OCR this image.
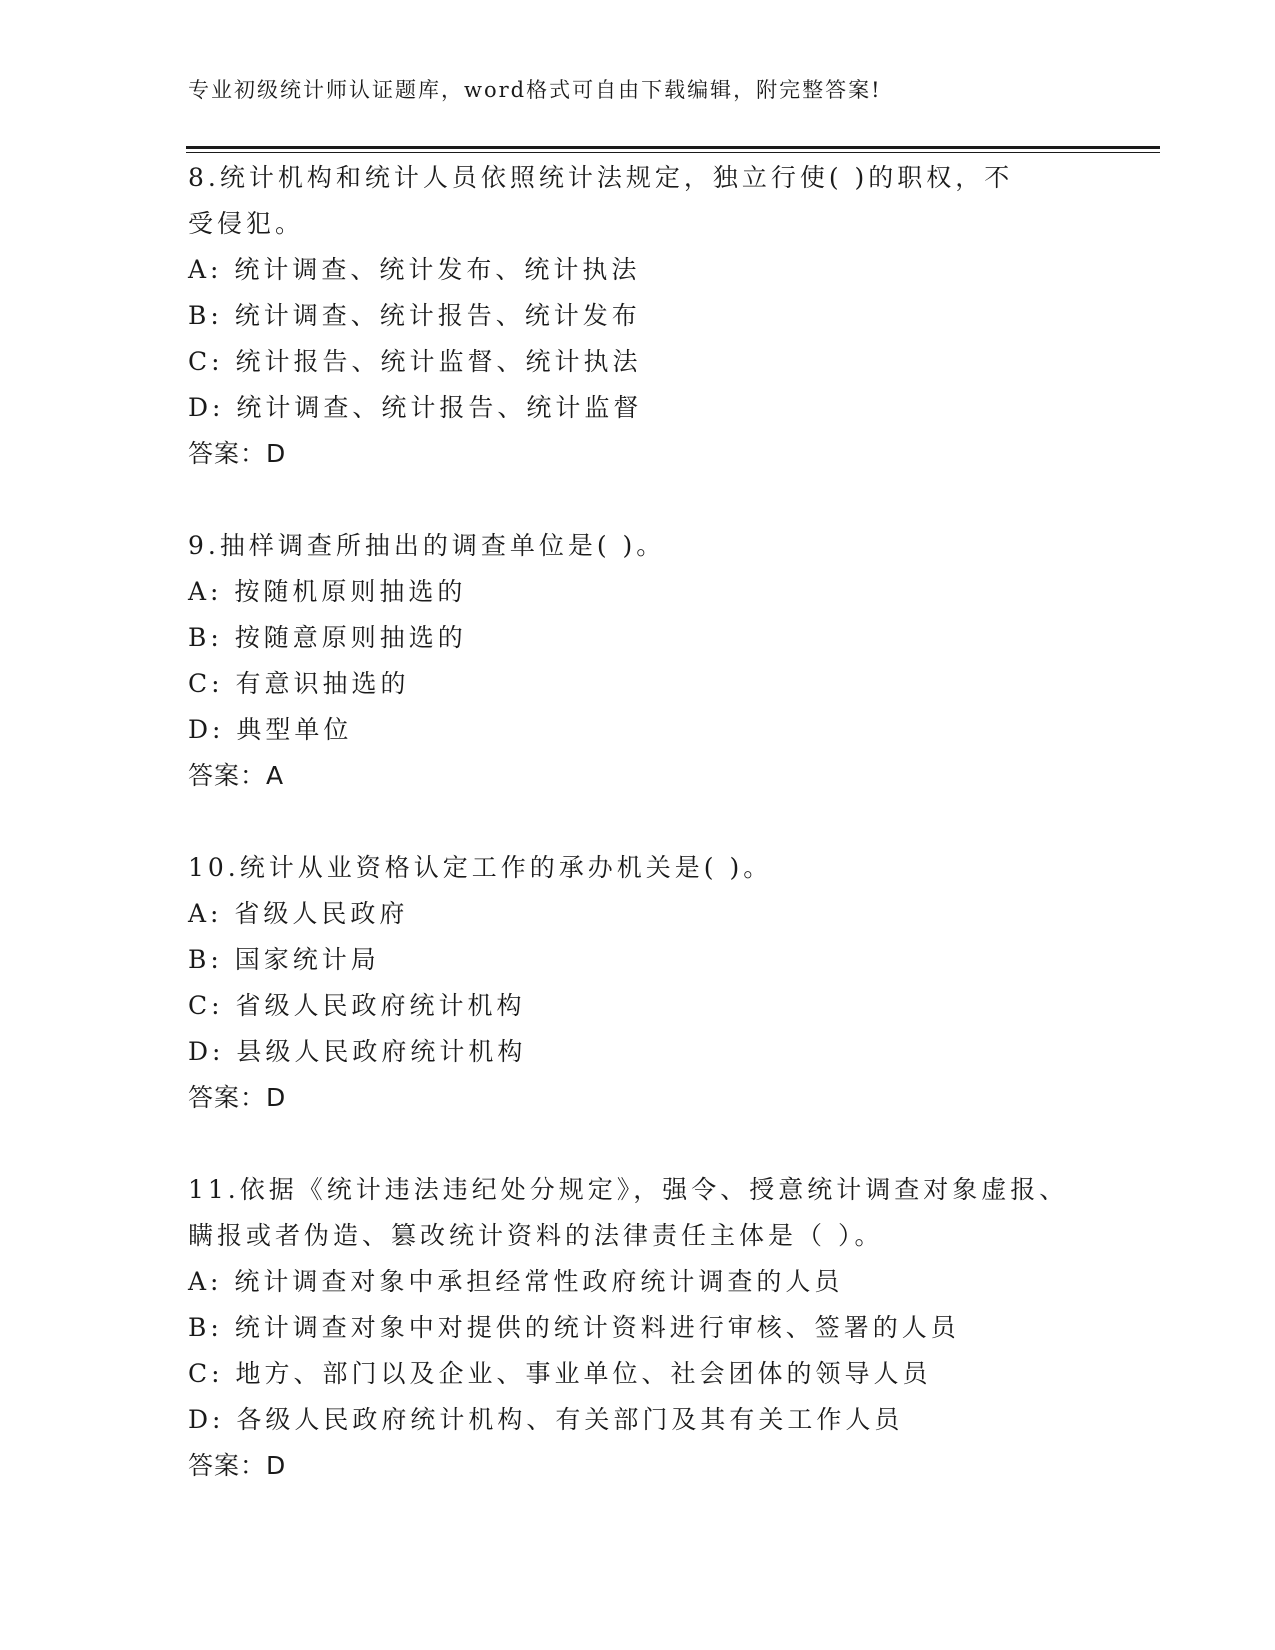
专业初级统计师认证题库，word格式可自由下载编辑，附完整答案!
8.统计机构和统计人员依照统计法规定，独立行使( )的职权，不
受侵犯。
A: 统计调查、统计发布、统计执法
B: 统计调查、统计报告、统计发布
C: 统计报告、统计监督、统计执法
D: 统计调查、统计报告、统计监督
答案：D
9.抽样调查所抽出的调查单位是( )。
A: 按随机原则抽选的
B: 按随意原则抽选的
C: 有意识抽选的
D: 典型单位
答案：A
10.统计从业资格认定工作的承办机关是( )。
A: 省级人民政府
B: 国家统计局
C: 省级人民政府统计机构
D: 县级人民政府统计机构
答案：D
11.依据《统计违法违纪处分规定》，强令、授意统计调查对象虚报、
瞒报或者伪造、篡改统计资料的法律责任主体是（ ）。
A: 统计调查对象中承担经常性政府统计调查的人员
B: 统计调查对象中对提供的统计资料进行审核、签署的人员
C: 地方、部门以及企业、事业单位、社会团体的领导人员
D: 各级人民政府统计机构、有关部门及其有关工作人员
答案：D
